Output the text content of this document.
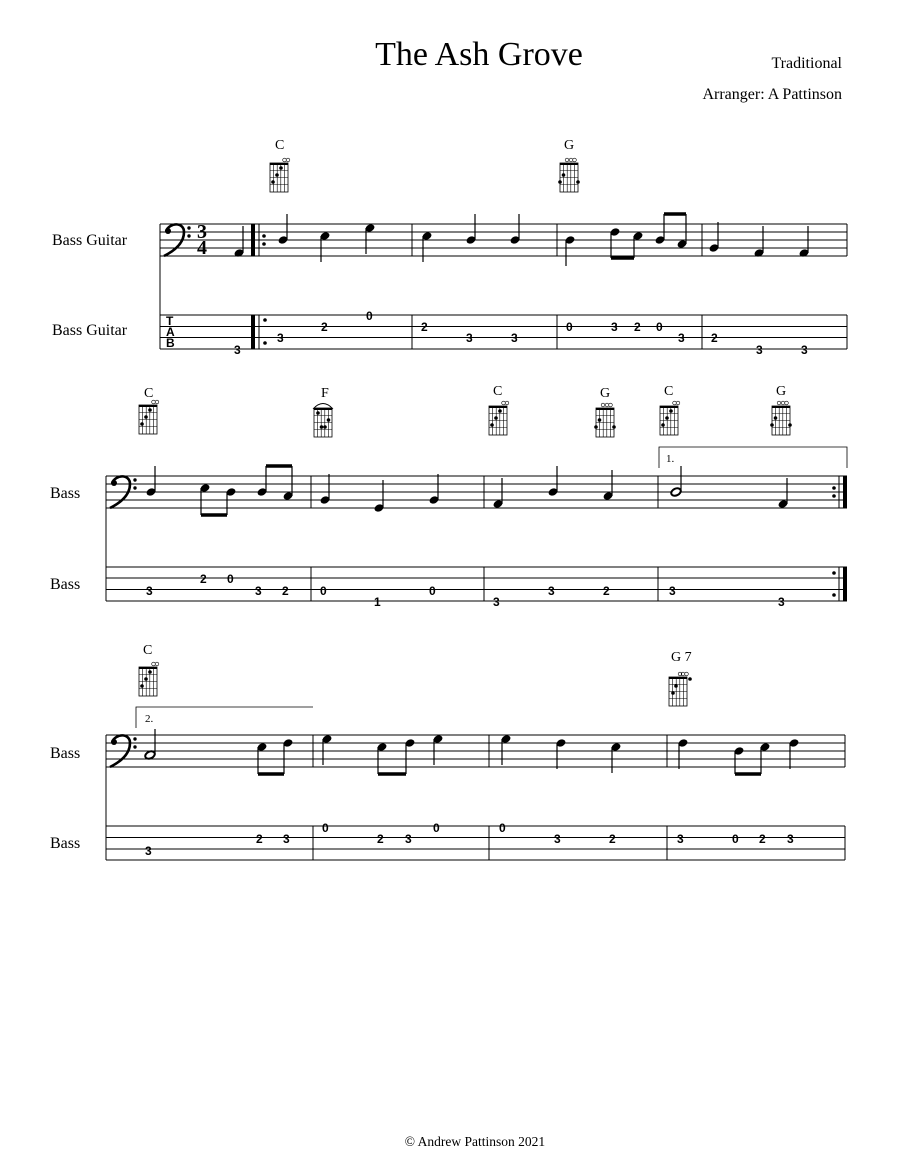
The Ash Grove	Traditional
Arranger: A Pattinson
Bass Guitar
Bass Guitar
3
4
T
A
B	3
3
2
0
2
3	3
0	3 2 0
3 2
3	3
C	G
Bass
Bass
1.
3
2 0
3 2	0
1
0
3
3	2	3
3
C	F	C	G	C	G
Bass
Bass
2.
3
2 3
0
2 3
0	0
3	2	3	0 2 3
C	G 7
© Andrew Pattinson 2021
